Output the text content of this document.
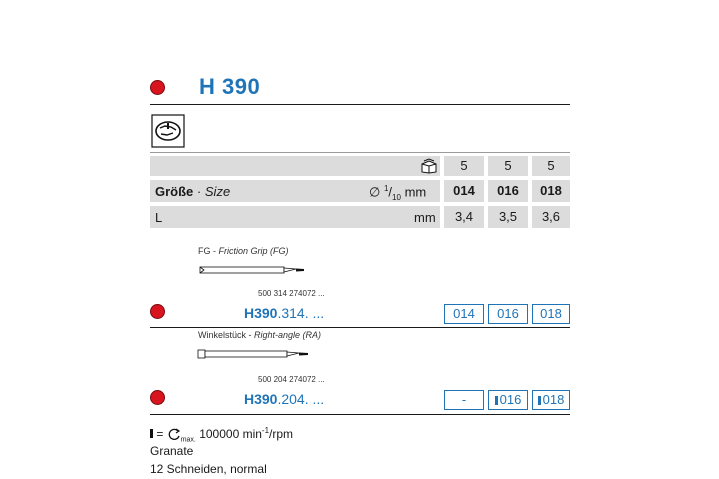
H 390
5	5	5
Größe · Size	∅ $^1/_{10}$ mm	014	016	018
L	mm	3,4	3,5	3,6
FG - Friction Grip (FG)
500 314 274072 ...
H390.314. ...	014	016	018
Winkelstück - Right-angle (RA)
500 204 274072 ...
H390.204. ...	-	016	018
= $_{max.}$ 100000 $\min^{-1}$/rpm
Granate
12 Schneiden, normal
